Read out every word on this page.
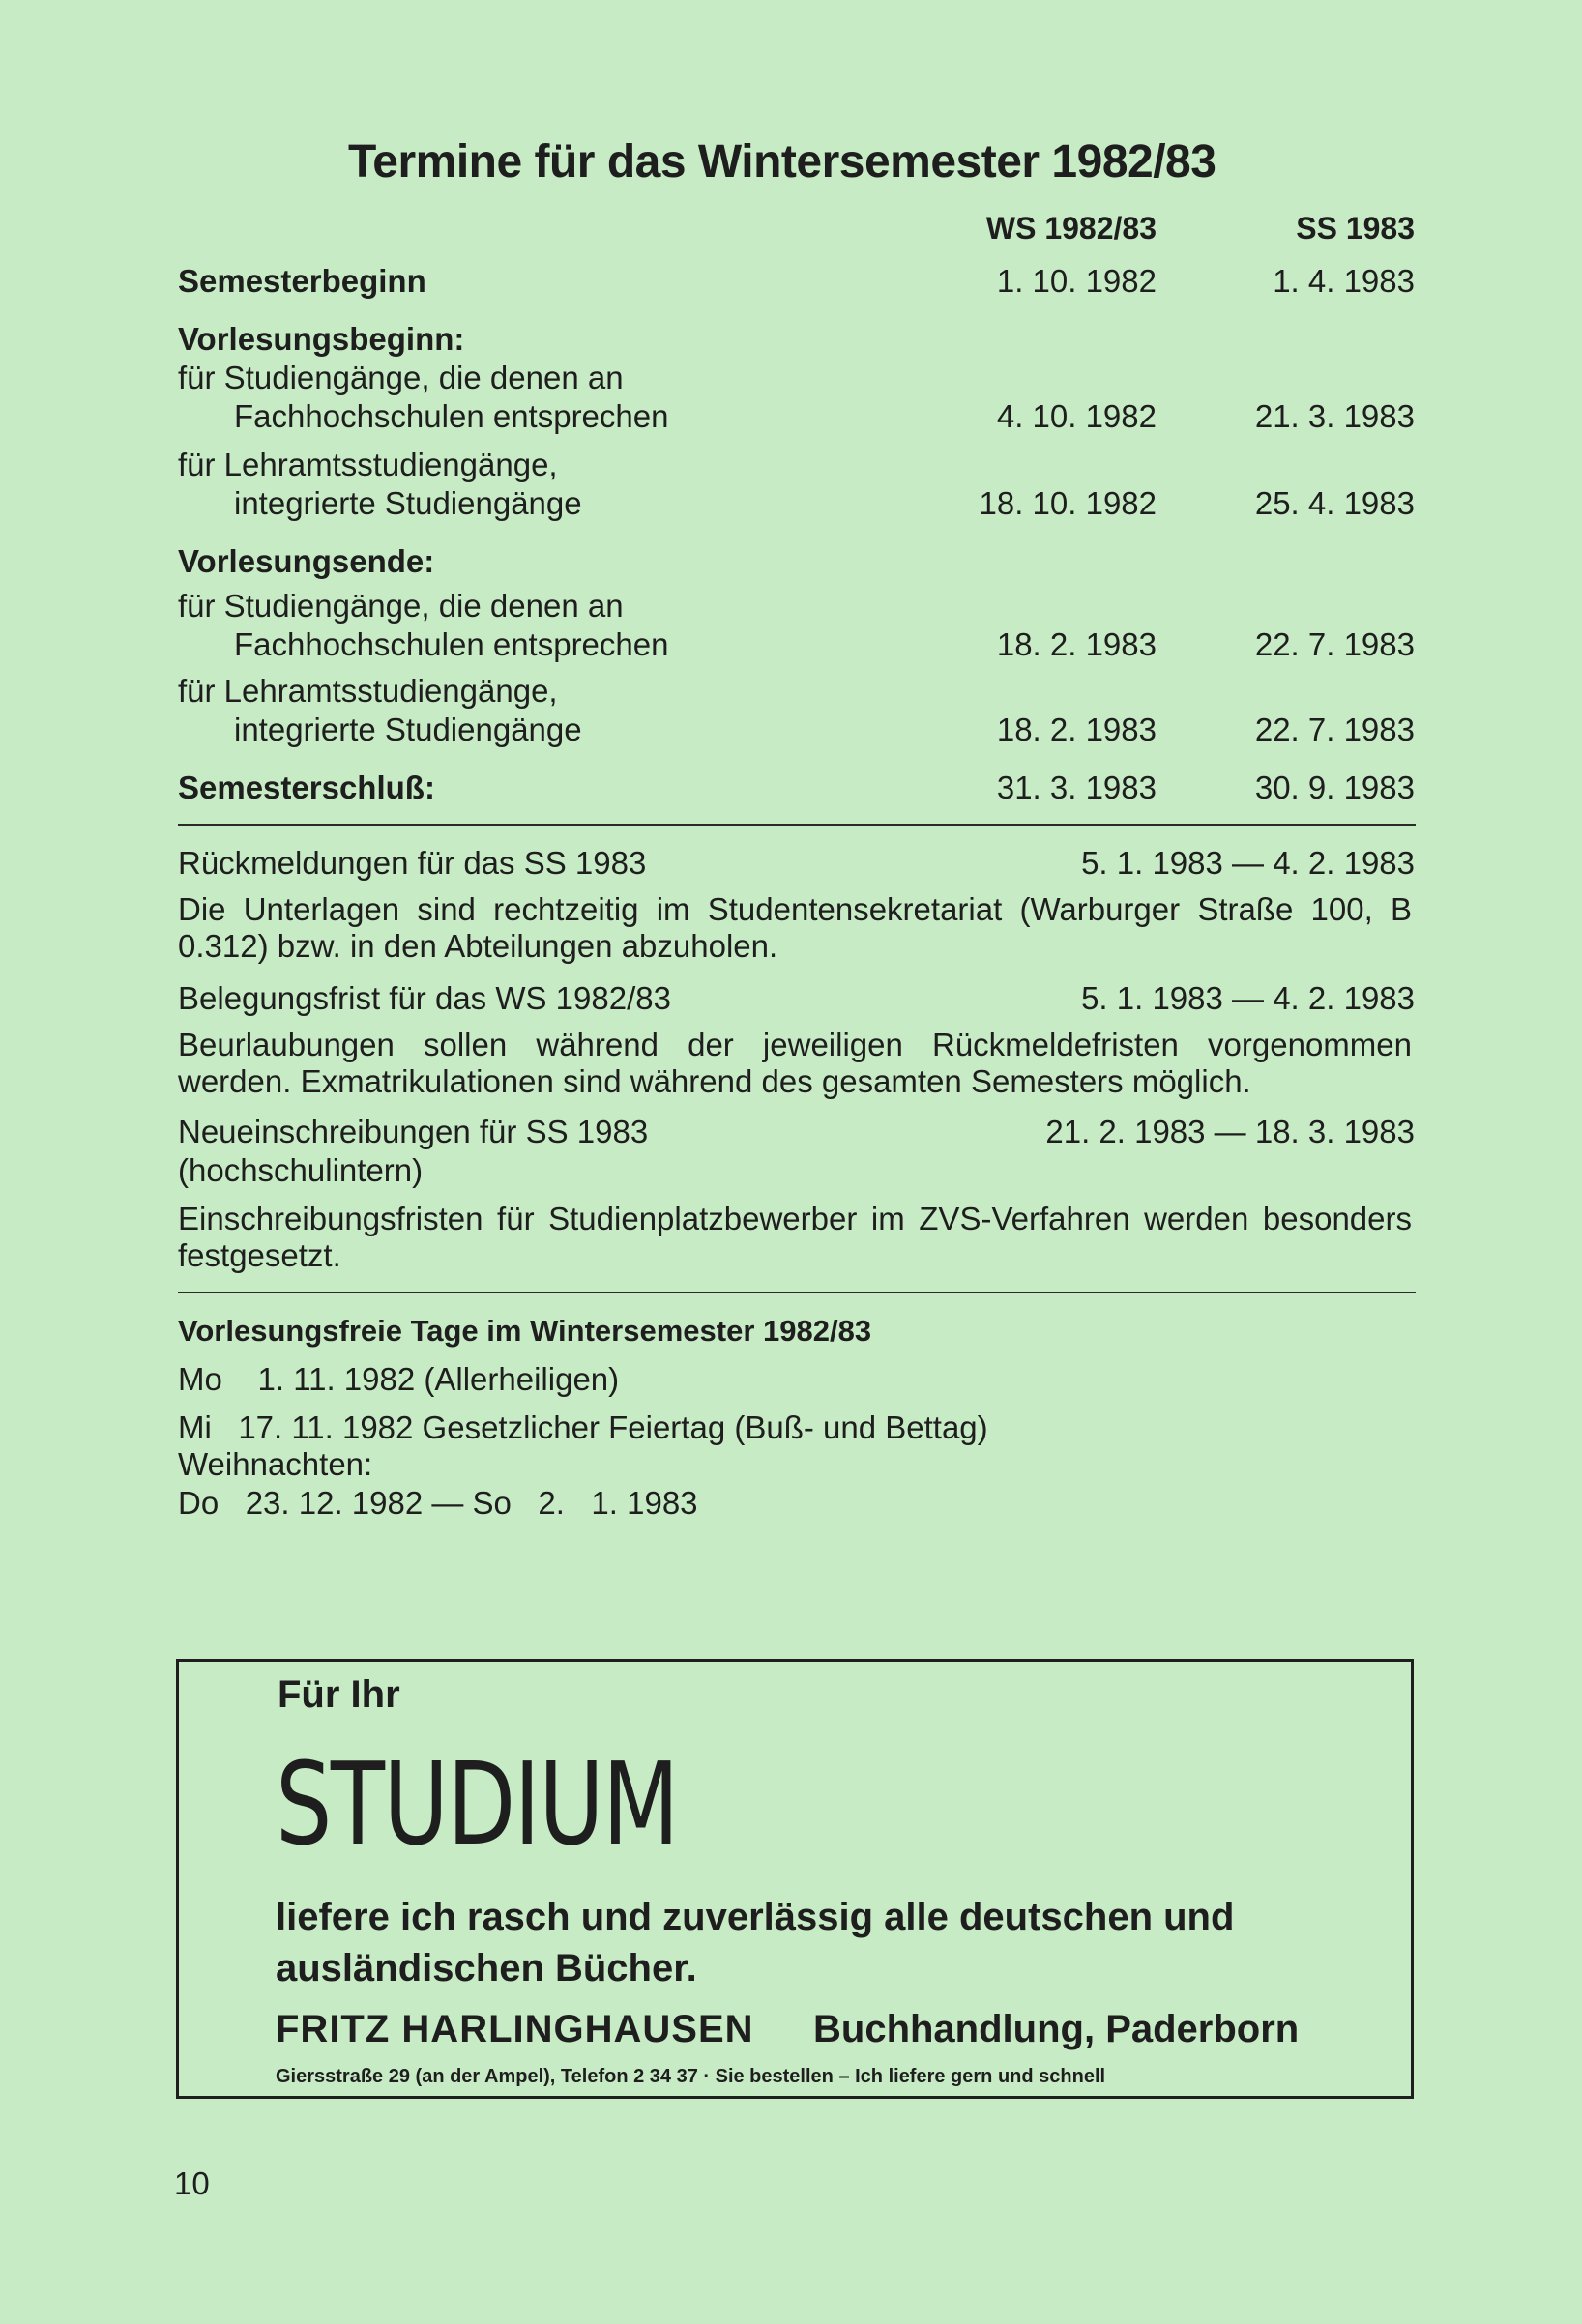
Termine für das Wintersemester 1982/83
WS 1982/83	SS 1983
Semesterbeginn	1. 10. 1982	1. 4. 1983
Vorlesungsbeginn:
für Studiengänge, die denen an
Fachhochschulen entsprechen	4. 10. 1982	21. 3. 1983
für Lehramtsstudiengänge,
integrierte Studiengänge	18. 10. 1982	25. 4. 1983
Vorlesungsende:
für Studiengänge, die denen an
Fachhochschulen entsprechen	18. 2. 1983	22. 7. 1983
für Lehramtsstudiengänge,
integrierte Studiengänge	18. 2. 1983	22. 7. 1983
Semesterschluß:	31. 3. 1983	30. 9. 1983
Rückmeldungen für das SS 1983	5. 1. 1983 — 4. 2. 1983
Die Unterlagen sind rechtzeitig im Studentensekretariat (Warburger Straße 100, B 0.312) bzw. in den Abteilungen abzuholen.
Belegungsfrist für das WS 1982/83	5. 1. 1983 — 4. 2. 1983
Beurlaubungen sollen während der jeweiligen Rückmeldefristen vorgenommen werden. Exmatrikulationen sind während des gesamten Semesters möglich.
Neueinschreibungen für SS 1983	21. 2. 1983 — 18. 3. 1983
(hochschulintern)
Einschreibungsfristen für Studienplatzbewerber im ZVS-Verfahren werden besonders festgesetzt.
Vorlesungsfreie Tage im Wintersemester 1982/83
Mo    1. 11. 1982 (Allerheiligen)
Mi   17. 11. 1982 Gesetzlicher Feiertag (Buß- und Bettag)
Weihnachten:
Do   23. 12. 1982 — So   2.   1. 1983
Für Ihr
STUDIUM
liefere ich rasch und zuverlässig alle deutschen und ausländischen Bücher.
FRITZ HARLINGHAUSEN Buchhandlung, Paderborn
Giersstraße 29 (an der Ampel), Telefon 2 34 37 · Sie bestellen – Ich liefere gern und schnell
10
